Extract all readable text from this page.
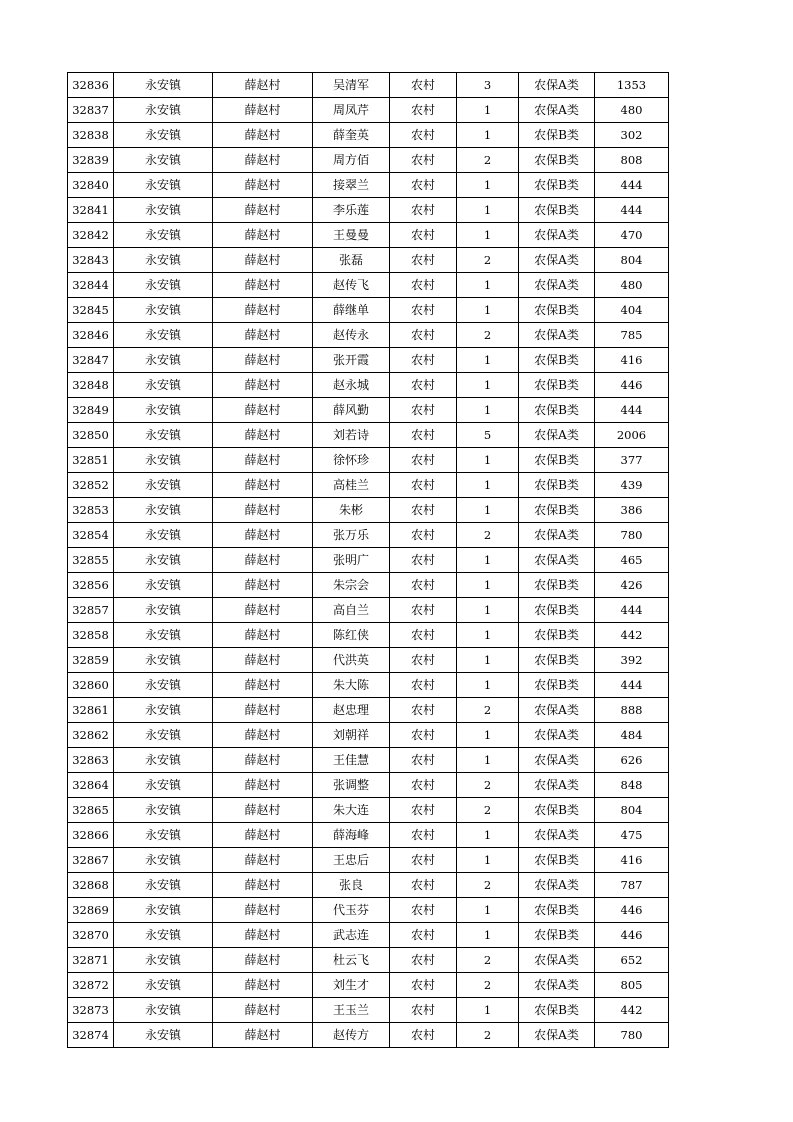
32836	永安镇	薛赵村	吴清军	农村	3	农保A类	1353
32837	永安镇	薛赵村	周凤芹	农村	1	农保A类	480
32838	永安镇	薛赵村	薛奎英	农村	1	农保B类	302
32839	永安镇	薛赵村	周方佰	农村	2	农保B类	808
32840	永安镇	薛赵村	接翠兰	农村	1	农保B类	444
32841	永安镇	薛赵村	李乐莲	农村	1	农保B类	444
32842	永安镇	薛赵村	王曼曼	农村	1	农保A类	470
32843	永安镇	薛赵村	张磊	农村	2	农保A类	804
32844	永安镇	薛赵村	赵传飞	农村	1	农保A类	480
32845	永安镇	薛赵村	薛继单	农村	1	农保B类	404
32846	永安镇	薛赵村	赵传永	农村	2	农保A类	785
32847	永安镇	薛赵村	张开霞	农村	1	农保B类	416
32848	永安镇	薛赵村	赵永城	农村	1	农保B类	446
32849	永安镇	薛赵村	薛风勤	农村	1	农保B类	444
32850	永安镇	薛赵村	刘若诗	农村	5	农保A类	2006
32851	永安镇	薛赵村	徐怀珍	农村	1	农保B类	377
32852	永安镇	薛赵村	高桂兰	农村	1	农保B类	439
32853	永安镇	薛赵村	朱彬	农村	1	农保B类	386
32854	永安镇	薛赵村	张万乐	农村	2	农保A类	780
32855	永安镇	薛赵村	张明广	农村	1	农保A类	465
32856	永安镇	薛赵村	朱宗会	农村	1	农保B类	426
32857	永安镇	薛赵村	高自兰	农村	1	农保B类	444
32858	永安镇	薛赵村	陈红侠	农村	1	农保B类	442
32859	永安镇	薛赵村	代洪英	农村	1	农保B类	392
32860	永安镇	薛赵村	朱大陈	农村	1	农保B类	444
32861	永安镇	薛赵村	赵忠理	农村	2	农保A类	888
32862	永安镇	薛赵村	刘朝祥	农村	1	农保A类	484
32863	永安镇	薛赵村	王佳慧	农村	1	农保A类	626
32864	永安镇	薛赵村	张调整	农村	2	农保A类	848
32865	永安镇	薛赵村	朱大连	农村	2	农保B类	804
32866	永安镇	薛赵村	薛海峰	农村	1	农保A类	475
32867	永安镇	薛赵村	王忠后	农村	1	农保B类	416
32868	永安镇	薛赵村	张良	农村	2	农保A类	787
32869	永安镇	薛赵村	代玉芬	农村	1	农保B类	446
32870	永安镇	薛赵村	武志连	农村	1	农保B类	446
32871	永安镇	薛赵村	杜云飞	农村	2	农保A类	652
32872	永安镇	薛赵村	刘生才	农村	2	农保A类	805
32873	永安镇	薛赵村	王玉兰	农村	1	农保B类	442
32874	永安镇	薛赵村	赵传方	农村	2	农保A类	780
